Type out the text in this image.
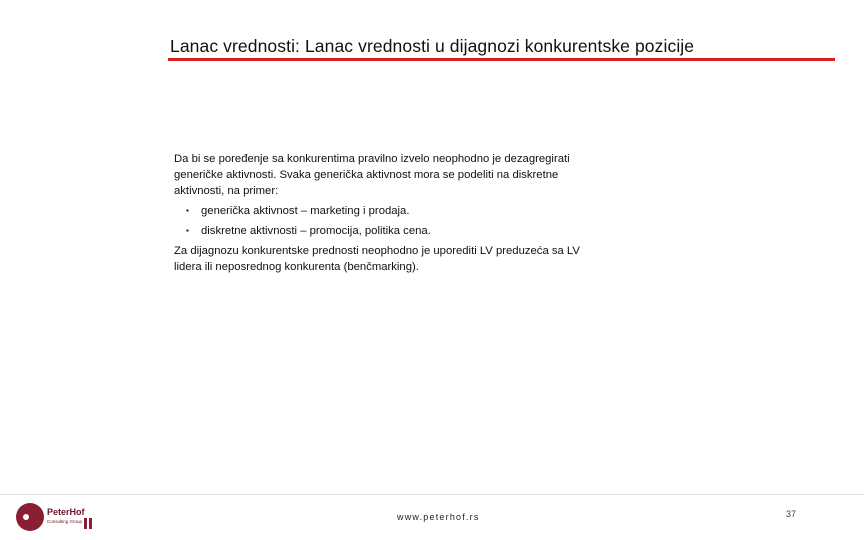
Lanac vrednosti: Lanac vrednosti u dijagnozi konkurentske pozicije

Da bi se poređenje sa konkurentima pravilno izvelo neophodno je dezagregirati generičke aktivnosti. Svaka generička aktivnost mora se podeliti na diskretne aktivnosti, na primer:

▪ generička aktivnost – marketing i prodaja.
▪ diskretne aktivnosti – promocija, politika cena.

Za dijagnozu konkurentske prednosti neophodno je uporediti LV preduzeća sa LV lidera ili neposrednog konkurenta (benčmarking).

PeterHof
Consulting Group	www.peterhof.rs	37
